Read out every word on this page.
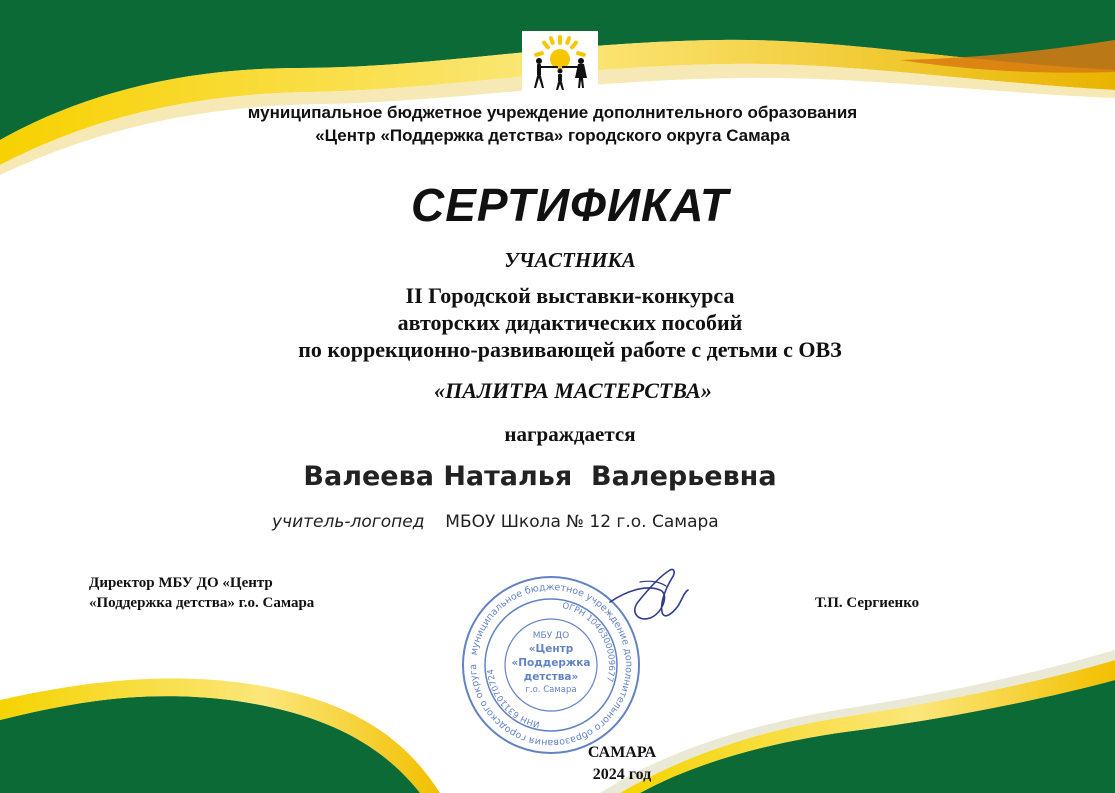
муниципальное бюджетное учреждение дополнительного образования
«Центр «Поддержка детства» городского округа Самара
СЕРТИФИКАТ
УЧАСТНИКА
II Городской выставки-конкурса
авторских дидактических пособий
по коррекционно-развивающей работе с детьми с ОВЗ
«ПАЛИТРА МАСТЕРСТВА»
награждается
Валеева Наталья  Валерьевна
учитель-логопед МБОУ Школа № 12 г.о. Самара
Директор МБУ ДО «Центр
«Поддержка детства» г.о. Самара	Т.П. Сергиенко
муниципальное бюджетное учреждение дополнительного образования городского округа
ОГРН 1046300009677
ИНН 6311070724
МБУ ДО
«Центр
«Поддержка
детства»
г.о. Самара
САМАРА
2024 год
